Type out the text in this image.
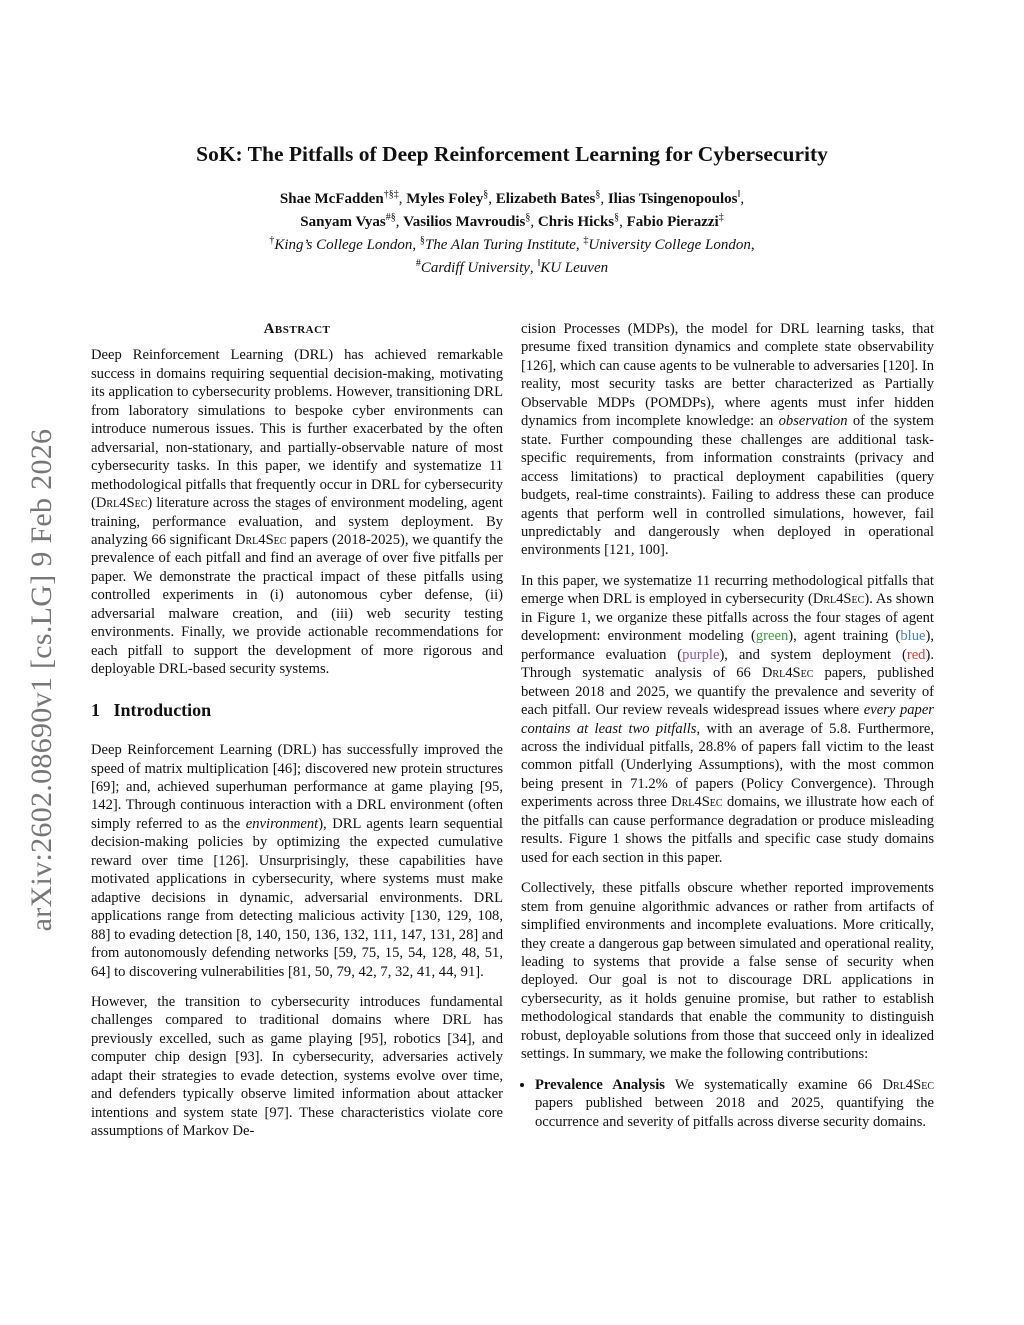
arXiv:2602.08690v1 [cs.LG] 9 Feb 2026
SoK: The Pitfalls of Deep Reinforcement Learning for Cybersecurity
Shae McFadden†§‡, Myles Foley§, Elizabeth Bates§, Ilias Tsingenopoulos‖,
Sanyam Vyas#§, Vasilios Mavroudis§, Chris Hicks§, Fabio Pierazzi‡
†King’s College London, §The Alan Turing Institute, ‡University College London,
#Cardiff University, ‖KU Leuven
Abstract

Deep Reinforcement Learning (DRL) has achieved remarkable success in domains requiring sequential decision-making, motivating its application to cybersecurity problems. However, transitioning DRL from laboratory simulations to bespoke cyber environments can introduce numerous issues. This is further exacerbated by the often adversarial, non-stationary, and partially-observable nature of most cybersecurity tasks. In this paper, we identify and systematize 11 methodological pitfalls that frequently occur in DRL for cybersecurity (Drl4Sec) literature across the stages of environment modeling, agent training, performance evaluation, and system deployment. By analyzing 66 significant Drl4Sec papers (2018-2025), we quantify the prevalence of each pitfall and find an average of over five pitfalls per paper. We demonstrate the practical impact of these pitfalls using controlled experiments in (i) autonomous cyber defense, (ii) adversarial malware creation, and (iii) web security testing environments. Finally, we provide actionable recommendations for each pitfall to support the development of more rigorous and deployable DRL-based security systems.

1   Introduction

Deep Reinforcement Learning (DRL) has successfully improved the speed of matrix multiplication [46]; discovered new protein structures [69]; and, achieved superhuman performance at game playing [95, 142]. Through continuous interaction with a DRL environment (often simply referred to as the environment), DRL agents learn sequential decision-making policies by optimizing the expected cumulative reward over time [126]. Unsurprisingly, these capabilities have motivated applications in cybersecurity, where systems must make adaptive decisions in dynamic, adversarial environments. DRL applications range from detecting malicious activity [130, 129, 108, 88] to evading detection [8, 140, 150, 136, 132, 111, 147, 131, 28] and from autonomously defending networks [59, 75, 15, 54, 128, 48, 51, 64] to discovering vulnerabilities [81, 50, 79, 42, 7, 32, 41, 44, 91].

However, the transition to cybersecurity introduces fundamental challenges compared to traditional domains where DRL has previously excelled, such as game playing [95], robotics [34], and computer chip design [93]. In cybersecurity, adversaries actively adapt their strategies to evade detection, systems evolve over time, and defenders typically observe limited information about attacker intentions and system state [97]. These characteristics violate core assumptions of Markov De-

cision Processes (MDPs), the model for DRL learning tasks, that presume fixed transition dynamics and complete state observability [126], which can cause agents to be vulnerable to adversaries [120]. In reality, most security tasks are better characterized as Partially Observable MDPs (POMDPs), where agents must infer hidden dynamics from incomplete knowledge: an observation of the system state. Further compounding these challenges are additional task-specific requirements, from information constraints (privacy and access limitations) to practical deployment capabilities (query budgets, real-time constraints). Failing to address these can produce agents that perform well in controlled simulations, however, fail unpredictably and dangerously when deployed in operational environments [121, 100].

In this paper, we systematize 11 recurring methodological pitfalls that emerge when DRL is employed in cybersecurity (Drl4Sec). As shown in Figure 1, we organize these pitfalls across the four stages of agent development: environment modeling (green), agent training (blue), performance evaluation (purple), and system deployment (red). Through systematic analysis of 66 Drl4Sec papers, published between 2018 and 2025, we quantify the prevalence and severity of each pitfall. Our review reveals widespread issues where every paper contains at least two pitfalls, with an average of 5.8. Furthermore, across the individual pitfalls, 28.8% of papers fall victim to the least common pitfall (Underlying Assumptions), with the most common being present in 71.2% of papers (Policy Convergence). Through experiments across three Drl4Sec domains, we illustrate how each of the pitfalls can cause performance degradation or produce misleading results. Figure 1 shows the pitfalls and specific case study domains used for each section in this paper.

Collectively, these pitfalls obscure whether reported improvements stem from genuine algorithmic advances or rather from artifacts of simplified environments and incomplete evaluations. More critically, they create a dangerous gap between simulated and operational reality, leading to systems that provide a false sense of security when deployed. Our goal is not to discourage DRL applications in cybersecurity, as it holds genuine promise, but rather to establish methodological standards that enable the community to distinguish robust, deployable solutions from those that succeed only in idealized settings. In summary, we make the following contributions:

• Prevalence Analysis We systematically examine 66 Drl4Sec papers published between 2018 and 2025, quantifying the occurrence and severity of pitfalls across diverse security domains.
